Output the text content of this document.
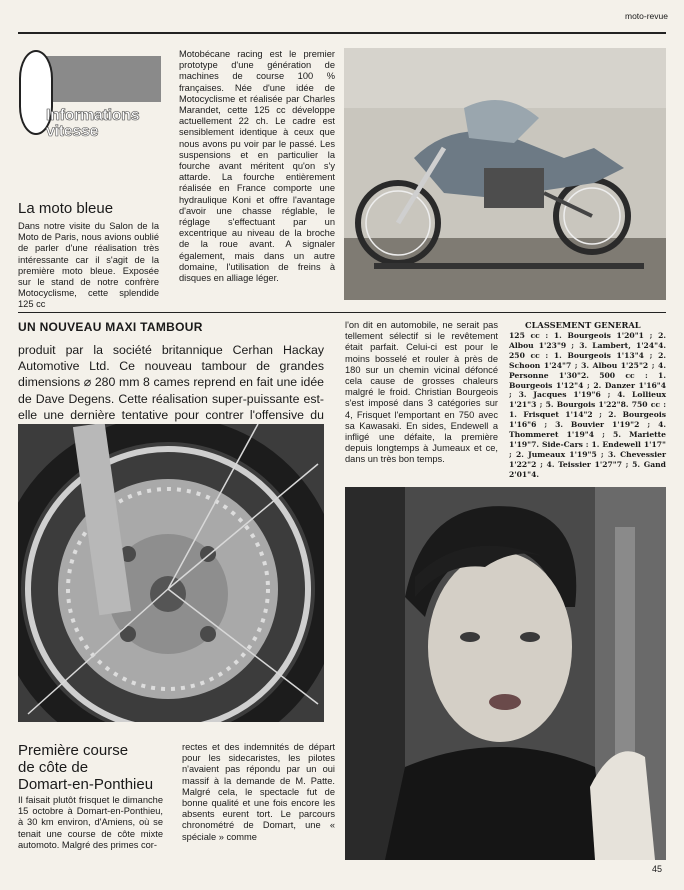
moto-revue
Informations
vitesse
La moto bleue
Dans notre visite du Salon de la Moto de Paris, nous avions oublié de parler d'une réalisation très intéressante car il s'agit de la première moto bleue. Exposée sur le stand de notre confrère Motocyclisme, cette splendide 125 cc
Motobécane racing est le premier prototype d'une génération de machines de course 100 % françaises. Née d'une idée de Motocyclisme et réalisée par Charles Marandet, cette 125 cc développe actuellement 22 ch. Le cadre est sensiblement identique à ceux que nous avons pu voir par le passé. Les suspensions et en particulier la fourche avant méritent qu'on s'y attarde. La fourche entièrement réalisée en France comporte une hydraulique Koni et offre l'avantage d'avoir une chasse réglable, le réglage s'effectuant par un excentrique au niveau de la broche de la roue avant. A signaler également, mais dans un autre domaine, l'utilisation de freins à disques en alliage léger.
UN NOUVEAU MAXI TAMBOUR
produit par la société britannique Cerhan Hackay Automotive Ltd. Ce nouveau tambour de grandes dimensions ⌀ 280 mm 8 cames reprend en fait une idée de Dave Degens. Cette réalisation super-puissante est-elle une dernière tentative pour contrer l'offensive du
l'on dit en automobile, ne serait pas tellement sélectif si le revêtement était parfait. Celui-ci est pour le moins bosselé et rouler à près de 180 sur un chemin vicinal défoncé cela cause de grosses chaleurs malgré le froid. Christian Bourgeois s'est imposé dans 3 catégories sur 4, Frisquet l'emportant en 750 avec sa Kawasaki. En sides, Endewell a infligé une défaite, la première depuis longtemps à Jumeaux et ce, dans un très bon temps.
CLASSEMENT GENERAL
125 cc : 1. Bourgeois 1'20"1 ; 2. Albou 1'23"9 ; 3. Lambert, 1'24"4. 250 cc : 1. Bourgeois 1'13"4 ; 2. Schoon 1'24"7 ; 3. Albou 1'25"2 ; 4. Personne 1'30"2. 500 cc : 1. Bourgeois 1'12"4 ; 2. Danzer 1'16"4 ; 3. Jacques 1'19"6 ; 4. Lollieux 1'21"3 ; 5. Bourgois 1'22"8. 750 cc : 1. Frisquet 1'14"2 ; 2. Bourgeois 1'16"6 ; 3. Bouvier 1'19"2 ; 4. Thommeret 1'19"4 ; 5. Mariette 1'19"7. Side-Cars : 1. Endewell 1'17" ; 2. Jumeaux 1'19"5 ; 3. Chevessier 1'22"2 ; 4. Teissier 1'27"7 ; 5. Gand 2'01"4.
Première course
de côte de
Domart-en-Ponthieu
Il faisait plutôt frisquet le dimanche 15 octobre à Domart-en-Ponthieu, à 30 km environ, d'Amiens, où se tenait une course de côte mixte automoto. Malgré des primes cor-
rectes et des indemnités de départ pour les sidecaristes, les pilotes n'avaient pas répondu par un oui massif à la demande de M. Patte. Malgré cela, le spectacle fut de bonne qualité et une fois encore les absents eurent tort. Le parcours chronométré de Domart, une « spéciale » comme
45
